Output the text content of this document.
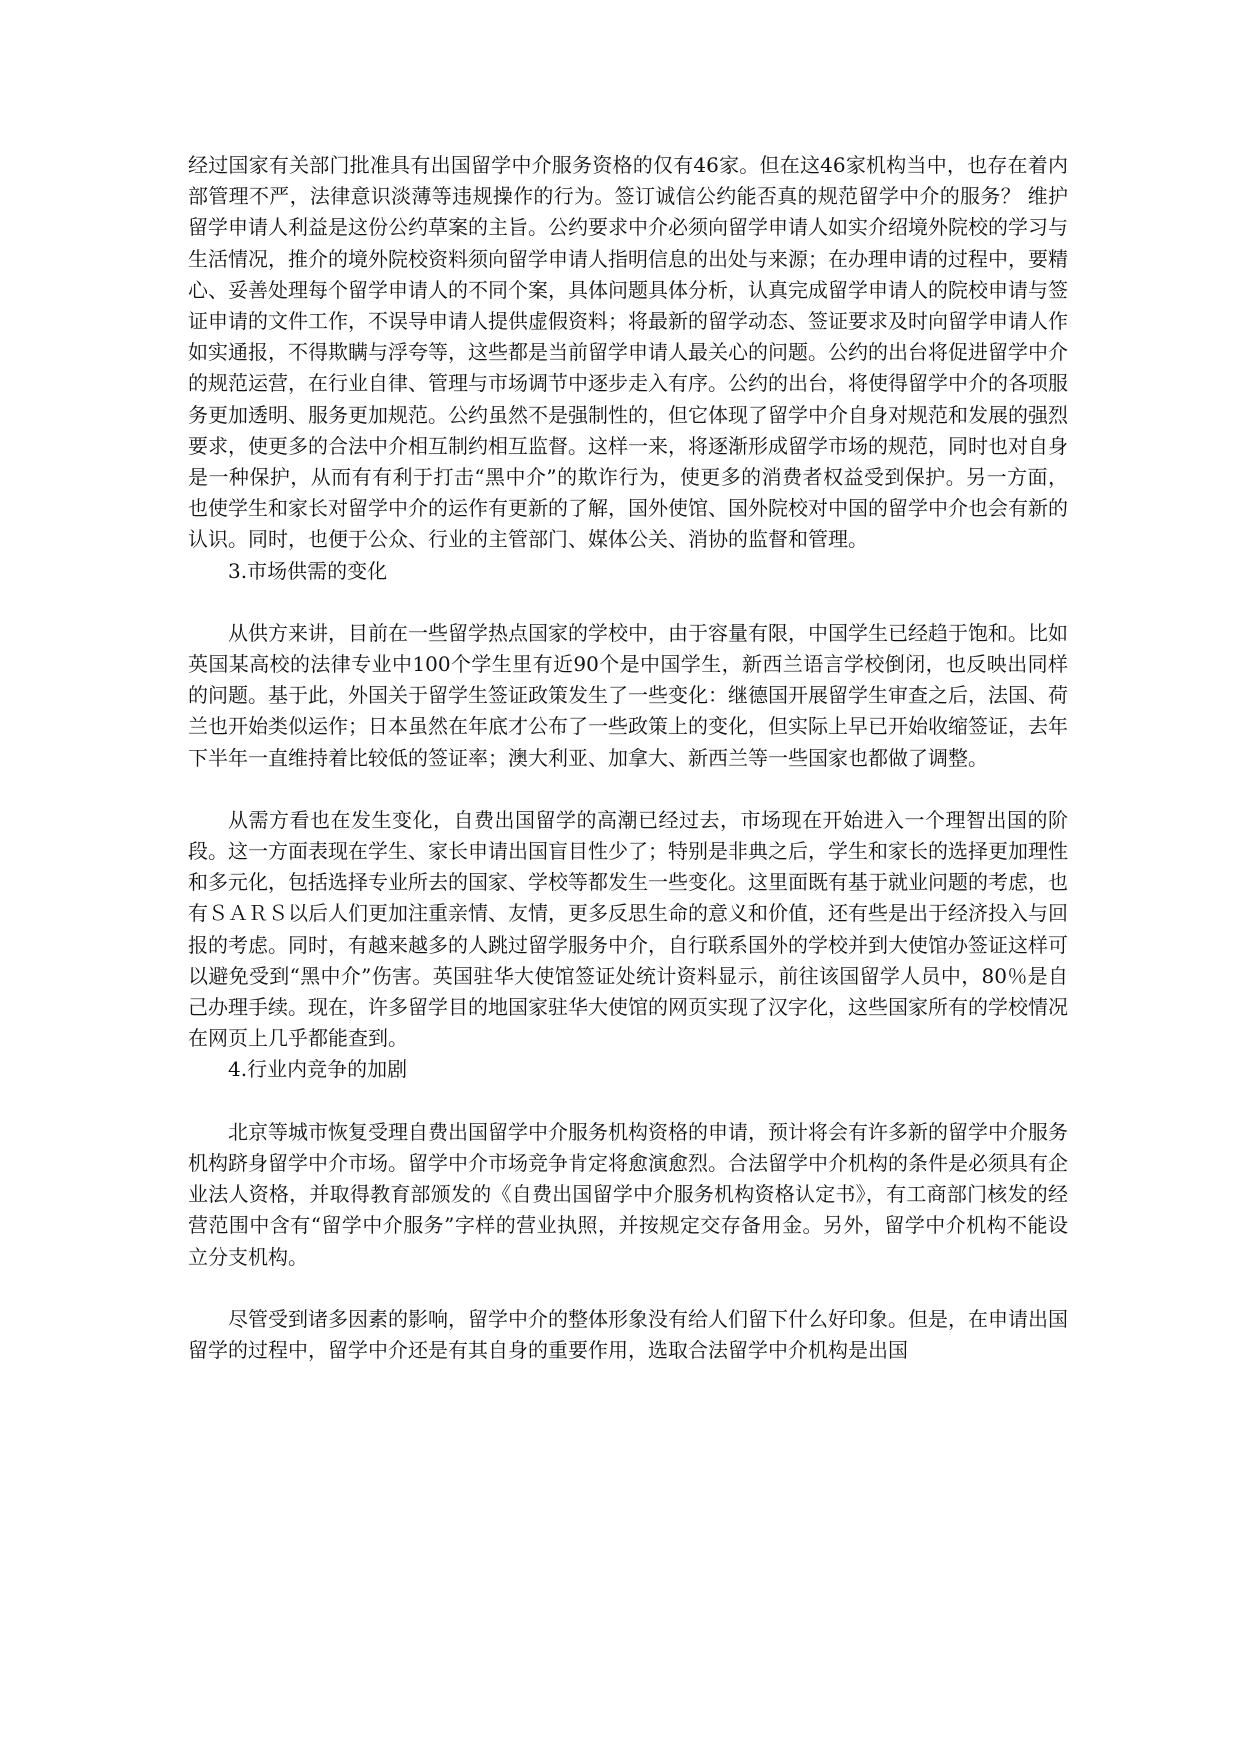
经过国家有关部门批准具有出国留学中介服务资格的仅有46家。但在这46家机构当中，也存在着内部管理不严，法律意识淡薄等违规操作的行为。签订诚信公约能否真的规范留学中介的服务？ 维护留学申请人利益是这份公约草案的主旨。公约要求中介必须向留学申请人如实介绍境外院校的学习与生活情况，推介的境外院校资料须向留学申请人指明信息的出处与来源；在办理申请的过程中，要精心、妥善处理每个留学申请人的不同个案，具体问题具体分析，认真完成留学申请人的院校申请与签证申请的文件工作，不误导申请人提供虚假资料；将最新的留学动态、签证要求及时向留学申请人作如实通报，不得欺瞒与浮夸等，这些都是当前留学申请人最关心的问题。公约的出台将促进留学中介的规范运营，在行业自律、管理与市场调节中逐步走入有序。公约的出台，将使得留学中介的各项服务更加透明、服务更加规范。公约虽然不是强制性的，但它体现了留学中介自身对规范和发展的强烈要求，使更多的合法中介相互制约相互监督。这样一来，将逐渐形成留学市场的规范，同时也对自身是一种保护，从而有有利于打击“黑中介”的欺诈行为，使更多的消费者权益受到保护。另一方面，也使学生和家长对留学中介的运作有更新的了解，国外使馆、国外院校对中国的留学中介也会有新的认识。同时，也便于公众、行业的主管部门、媒体公关、消协的监督和管理。

3.市场供需的变化

从供方来讲，目前在一些留学热点国家的学校中，由于容量有限，中国学生已经趋于饱和。比如英国某高校的法律专业中100个学生里有近90个是中国学生，新西兰语言学校倒闭，也反映出同样的问题。基于此，外国关于留学生签证政策发生了一些变化：继德国开展留学生审查之后，法国、荷兰也开始类似运作；日本虽然在年底才公布了一些政策上的变化，但实际上早已开始收缩签证，去年下半年一直维持着比较低的签证率；澳大利亚、加拿大、新西兰等一些国家也都做了调整。

从需方看也在发生变化，自费出国留学的高潮已经过去，市场现在开始进入一个理智出国的阶段。这一方面表现在学生、家长申请出国盲目性少了；特别是非典之后，学生和家长的选择更加理性和多元化，包括选择专业所去的国家、学校等都发生一些变化。这里面既有基于就业问题的考虑，也有ＳＡＲＳ以后人们更加注重亲情、友情，更多反思生命的意义和价值，还有些是出于经济投入与回报的考虑。同时，有越来越多的人跳过留学服务中介，自行联系国外的学校并到大使馆办签证这样可以避免受到“黑中介”伤害。英国驻华大使馆签证处统计资料显示，前往该国留学人员中，80％是自己办理手续。现在，许多留学目的地国家驻华大使馆的网页实现了汉字化，这些国家所有的学校情况在网页上几乎都能查到。

4.行业内竞争的加剧

北京等城市恢复受理自费出国留学中介服务机构资格的申请，预计将会有许多新的留学中介服务机构跻身留学中介市场。留学中介市场竞争肯定将愈演愈烈。合法留学中介机构的条件是必须具有企业法人资格，并取得教育部颁发的《自费出国留学中介服务机构资格认定书》，有工商部门核发的经营范围中含有“留学中介服务”字样的营业执照，并按规定交存备用金。另外，留学中介机构不能设立分支机构。

尽管受到诸多因素的影响，留学中介的整体形象没有给人们留下什么好印象。但是，在申请出国留学的过程中，留学中介还是有其自身的重要作用，选取合法留学中介机构是出国
